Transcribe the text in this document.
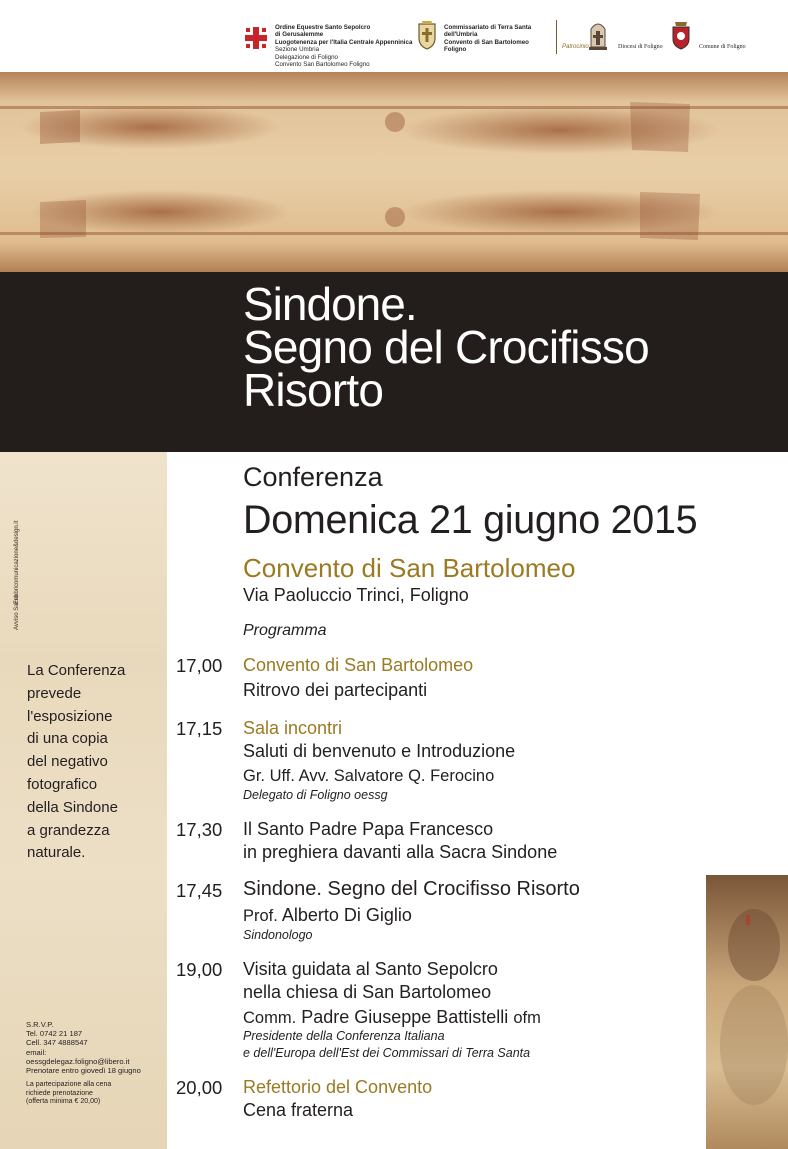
Ordine Equestre Santo Sepolcro
di Gerusalemme
Luogotenenza per l'Italia Centrale Appenninica
Sezione Umbria
Delegazione di Foligno
Convento San Bartolomeo Foligno
Commissariato di Terra Santa
dell'Umbria
Convento di San Bartolomeo
Foligno	Patrocinio	Diocesi di Foligno	Comune di Foligno
Sindone.
Segno del Crocifisso
Risorto
Avviso Sacro
Fabbricomunicazione&design.it
La Conferenza
prevede
l'esposizione
di una copia
del negativo
fotografico
della Sindone
a grandezza
naturale.
S.R.V.P.
Tel. 0742 21 187
Cell. 347 4888547
email:
oessgdelegaz.foligno@libero.it
Prenotare entro giovedì 18 giugno
La partecipazione alla cena
richiede prenotazione
(offerta minima € 20,00)
Conferenza
Domenica 21 giugno 2015
Convento di San Bartolomeo
Via Paoluccio Trinci, Foligno
Programma
17,00 Convento di San Bartolomeo
Ritrovo dei partecipanti
17,15 Sala incontri
Saluti di benvenuto e Introduzione
Gr. Uff. Avv. Salvatore Q. Ferocino
Delegato di Foligno oessg
17,30 Il Santo Padre Papa Francesco
in preghiera davanti alla Sacra Sindone
17,45 Sindone. Segno del Crocifisso Risorto
Prof. Alberto Di Giglio
Sindonologo
19,00 Visita guidata al Santo Sepolcro
nella chiesa di San Bartolomeo
Comm. Padre Giuseppe Battistelli ofm
Presidente della Conferenza Italiana
e dell'Europa dell'Est dei Commissari di Terra Santa
20,00 Refettorio del Convento
Cena fraterna
